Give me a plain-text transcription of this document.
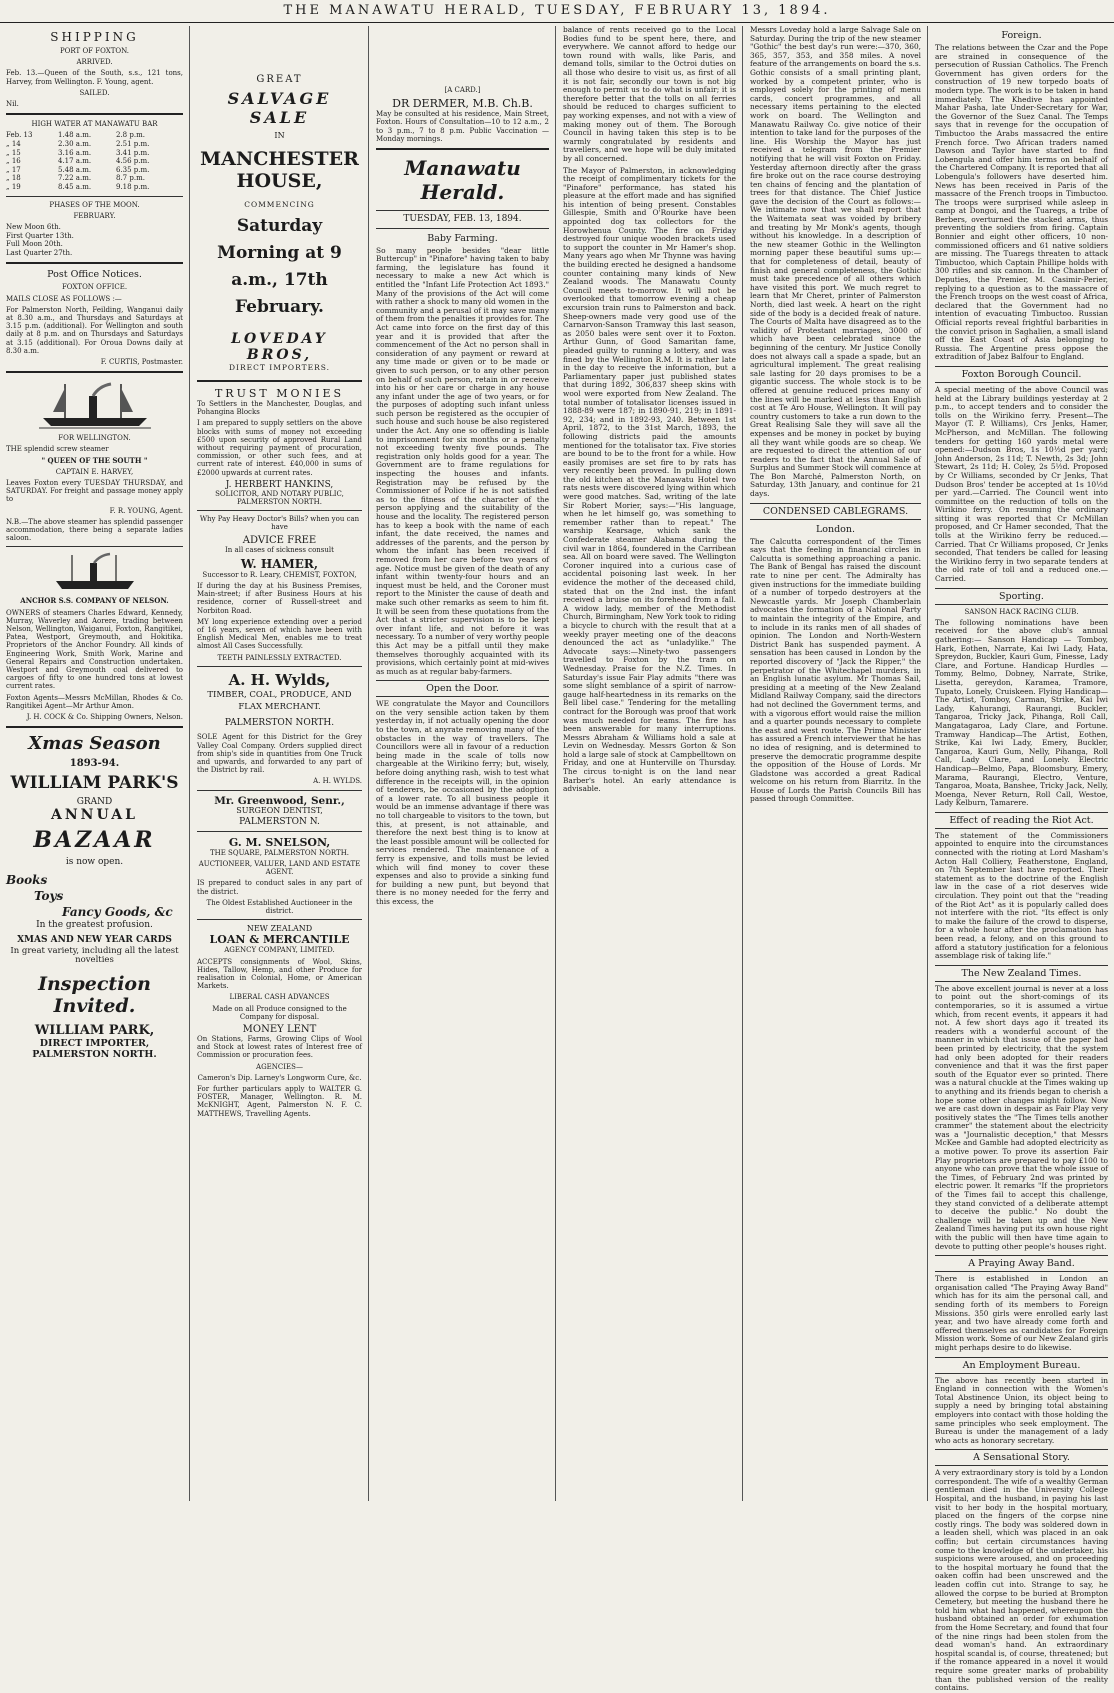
THE MANAWATU HERALD, TUESDAY, FEBRUARY 13, 1894.
SHIPPING

PORT OF FOXTON.

ARRIVED.

Feb. 13.—Queen of the South, s.s., 121 tons, Harvey, from Wellington. F. Young, agent.

SAILED.

Nil.

HIGH WATER AT MANAWATU BAR

Feb. 13	1.48 a.m.	2.8 p.m.
„ 14	2.30 a.m.	2.51 p.m.
„ 15	3.16 a.m.	3.41 p.m.
„ 16	4.17 a.m.	4.56 p.m.
„ 17	5.48 a.m.	6.35 p.m.
„ 18	7.22 a.m.	8.7 p.m.
„ 19	8.45 a.m.	9.18 p.m.

PHASES OF THE MOON.

FEBRUARY.

New Moon 6th.
First Quarter 13th.
Full Moon 20th.
Last Quarter 27th.
Post Office Notices.

FOXTON OFFICE.

MAILS CLOSE AS FOLLOWS :—

For Palmerston North, Feilding, Wanganui daily at 8.30 a.m., and Thursdays and Saturdays at 3.15 p.m. (additional). For Wellington and south daily at 8 p.m. and on Thursdays and Saturdays at 3.15 (additional). For Oroua Downs daily at 8.30 a.m.

F. CURTIS, Postmaster.

FOR WELLINGTON.

THE splendid screw steamer

" QUEEN OF THE SOUTH "

CAPTAIN E. HARVEY,

Leaves Foxton every TUESDAY THURSDAY, and SATURDAY. For freight and passage money apply to

F. R. YOUNG, Agent.

N.B.—The above steamer has splendid passenger accommodation, there being a separate ladies saloon.

ANCHOR S.S. COMPANY OF NELSON.

OWNERS of steamers Charles Edward, Kennedy, Murray, Waverley and Aorere, trading between Nelson, Wellington, Waiganui, Foxton, Rangitikei, Patea, Westport, Greymouth, and Hokitika. Proprietors of the Anchor Foundry. All kinds of Engineering Work, Smith Work, Marine and General Repairs and Construction undertaken. Westport and Greymouth coal delivered to cargoes of fifty to one hundred tons at lowest current rates.

Foxton Agents—Messrs McMillan, Rhodes & Co. Rangitikei Agent—Mr Arthur Amon.

J. H. COCK & Co. Shipping Owners, Nelson.

Xmas Season
1893-94.
WILLIAM PARK'S
GRAND
ANNUAL
BAZAAR
is now open.
Books
Toys
Fancy Goods, &c

In the greatest profusion.

XMAS AND NEW YEAR CARDS

In great variety, including all the latest novelties

Inspection Invited.
WILLIAM PARK,
DIRECT IMPORTER, PALMERSTON NORTH.
GREAT
SALVAGE SALE
IN
MANCHESTER HOUSE,
COMMENCING
Saturday Morning at 9 a.m., 17th February.
LOVEDAY BROS,
DIRECT IMPORTERS.
TRUST MONIES

To Settlers in the Manchester, Douglas, and Pohangina Blocks

I am prepared to supply settlers on the above blocks with sums of money not exceeding £500 upon security of approved Rural Land without requiring payment of procuration, commission, or other such fees, and at current rate of interest. £40,000 in sums of £2000 upwards at current rates.

J. HERBERT HANKINS,

SOLICITOR, AND NOTARY PUBLIC, PALMERSTON NORTH.

Why Pay Heavy Doctor's Bills? when you can have

ADVICE FREE

In all cases of sickness consult

W. HAMER,

Successor to R. Leary, CHEMIST, FOXTON,

If during the day at his Business Premises, Main-street; if after Business Hours at his residence, corner of Russell-street and Norbiton Road.

MY long experience extending over a period of 16 years, seven of which have been with English Medical Men, enables me to treat almost All Cases Successfully.

TEETH PAINLESSLY EXTRACTED.

A. H. Wylds,

TIMBER, COAL, PRODUCE, AND FLAX MERCHANT.

PALMERSTON NORTH.

SOLE Agent for this District for the Grey Valley Coal Company. Orders supplied direct from ship's side in quantities from One Truck and upwards, and forwarded to any part of the District by rail.

A. H. WYLDS.

Mr. Greenwood, Senr.,

SURGEON DENTIST,

PALMERSTON N.

G. M. SNELSON,

THE SQUARE, PALMERSTON NORTH.

AUCTIONEER, VALUER, LAND AND ESTATE AGENT.

IS prepared to conduct sales in any part of the district.

The Oldest Established Auctioneer in the district.

NEW ZEALAND
LOAN & MERCANTILE

AGENCY COMPANY, LIMITED.

ACCEPTS consignments of Wool, Skins, Hides, Tallow, Hemp, and other Produce for realisation in Colonial, Home, or American Markets.

LIBERAL CASH ADVANCES

Made on all Produce consigned to the Company for disposal.

MONEY LENT

On Stations, Farms, Growing Clips of Wool and Stock at lowest rates of Interest free of Commission or procuration fees.

AGENCIES—

Cameron's Dip. Larney's Longworm Cure, &c.

For further particulars apply to WALTER G. FOSTER, Manager, Wellington. R. M. McKNIGHT, Agent, Palmerston N. F. C. MATTHEWS, Travelling Agents.

[A CARD.]

DR DERMER, M.B. Ch.B.

May be consulted at his residence, Main Street, Foxton. Hours of Consultation—10 to 12 a.m., 2 to 3 p.m., 7 to 8 p.m. Public Vaccination — Monday mornings.

Manawatu Herald.

TUESDAY, FEB. 13, 1894.

Baby Farming.

So many people besides "dear little Buttercup" in "Pinafore" having taken to baby farming, the legislature has found it necessary to make a new Act which is entitled the "Infant Life Protection Act 1893." Many of the provisions of the Act will come with rather a shock to many old women in the community and a perusal of it may save many of them from the penalties it provides for. The Act came into force on the first day of this year and it is provided that after the commencement of the Act no person shall in consideration of any payment or reward at any time made or given or to be made or given to such person, or to any other person on behalf of such person, retain in or receive into his or her care or charge in any house any infant under the age of two years, or for the purposes of adopting such infant unless such person be registered as the occupier of such house and such house be also registered under the Act. Any one so offending is liable to imprisonment for six months or a penalty not exceeding twenty five pounds. The registration only holds good for a year. The Government are to frame regulations for inspecting the houses and infants. Registration may be refused by the Commissioner of Police if he is not satisfied as to the fitness of the character of the person applying and the suitability of the house and the locality. The registered person has to keep a book with the name of each infant, the date received, the names and addresses of the parents, and the person by whom the infant has been received if removed from her care before two years of age. Notice must be given of the death of any infant within twenty-four hours and an inquest must be held, and the Coroner must report to the Minister the cause of death and make such other remarks as seem to him fit. It will be seen from these quotations from the Act that a stricter supervision is to be kept over infant life, and not before it was necessary. To a number of very worthy people this Act may be a pitfall until they make themselves thoroughly acquainted with its provisions, which certainly point at mid-wives as much as at regular baby-farmers.

Open the Door.

WE congratulate the Mayor and Councillors on the very sensible action taken by them yesterday in, if not actually opening the door to the town, at anyrate removing many of the obstacles in the way of travellers. The Councillors were all in favour of a reduction being made in the scale of tolls now chargeable at the Wirikino ferry; but, wisely, before doing anything rash, wish to test what difference in the receipts will, in the opinion of tenderers, be occasioned by the adoption of a lower rate. To all business people it would be an immense advantage if there was no toll chargeable to visitors to the town, but this, at present, is not attainable, and therefore the next best thing is to know at the least possible amount will be collected for services rendered. The maintenance of a ferry is expensive, and tolls must be levied which will find money to cover these expenses and also to provide a sinking fund for building a new punt, but beyond that there is no money needed for the ferry and this excess, the

balance of rents received go to the Local Bodies fund to be spent here, there, and everywhere. We cannot afford to hedge our town round with walls, like Paris, and demand tolls, similar to the Octroi duties on all those who desire to visit us, as first of all it is not fair, secondly our town is not big enough to permit us to do what is unfair; it is therefore better that the tolls on all ferries should be reduced to charges sufficient to pay working expenses, and not with a view of making money out of them. The Borough Council in having taken this step is to be warmly congratulated by residents and travellers, and we hope will be duly imitated by all concerned.

The Mayor of Palmerston, in acknowledging the receipt of complimentary tickets for the "Pinafore" performance, has stated his pleasure at the effort made and has signified his intention of being present. Constables Gillespie, Smith and O'Rourke have been appointed dog tax collectors for the Horowhenua County. The fire on Friday destroyed four unique wooden brackets used to support the counter in Mr Hamer's shop. Many years ago when Mr Thynne was having the building erected he designed a handsome counter containing many kinds of New Zealand woods. The Manawatu County Council meets to-morrow. It will not be overlooked that tomorrow evening a cheap excursion train runs to Palmerston and back. Sheep-owners made very good use of the Carnarvon-Sanson Tramway this last season, as 2050 bales were sent over it to Foxton. Arthur Gunn, of Good Samaritan fame, pleaded guilty to running a lottery, and was fined by the Wellington R.M. It is rather late in the day to receive the information, but a Parliamentary paper just published states that during 1892, 306,837 sheep skins with wool were exported from New Zealand. The total number of totalisator licenses issued in 1888-89 were 187; in 1890-91, 219; in 1891-92, 234; and in 1892-93, 240. Between 1st April, 1872, to the 31st March, 1893, the following districts paid the amounts mentioned for the totalisator tax. Five stories are bound to be to the front for a while. How easily promises are set fire to by rats has very recently been proved. In pulling down the old kitchen at the Manawatu Hotel two rats nests were discovered lying within which were good matches. Sad, writing of the late Sir Robert Morier, says:—"His language, when he let himself go, was something to remember rather than to repeat." The warship Kearsage, which sank the Confederate steamer Alabama during the civil war in 1864, foundered in the Carribean sea. All on board were saved. The Wellington Coroner inquired into a curious case of accidental poisoning last week. In her evidence the mother of the deceased child, stated that on the 2nd inst. the infant received a bruise on its forehead from a fall. A widow lady, member of the Methodist Church, Birmingham, New York took to riding a bicycle to church with the result that at a weekly prayer meeting one of the deacons denounced the act as "unladylike." The Advocate says:—Ninety-two passengers travelled to Foxton by the tram on Wednesday. Praise for the N.Z. Times. In Saturday's issue Fair Play admits "there was some slight semblance of a spirit of narrow-gauge half-heartedness in its remarks on the Bell libel case." Tendering for the metalling contract for the Borough was proof that work was much needed for teams. The fire has been answerable for many interruptions. Messrs Abraham & Williams hold a sale at Levin on Wednesday. Messrs Gorton & Son hold a large sale of stock at Campbelltown on Friday, and one at Hunterville on Thursday. The circus to-night is on the land near Barber's hotel. An early attendance is advisable.

Messrs Loveday hold a large Salvage Sale on Saturday. During the trip of the new steamer "Gothic" the best day's run were:—370, 360, 365, 357, 353, and 358 miles. A novel feature of the arrangements on board the s.s. Gothic consists of a small printing plant, worked by a competent printer, who is employed solely for the printing of menu cards, concert programmes, and all necessary items pertaining to the elected work on board. The Wellington and Manawatu Railway Co. give notice of their intention to take land for the purposes of the line. His Worship the Mayor has just received a telegram from the Premier notifying that he will visit Foxton on Friday. Yesterday afternoon directly after the grass fire broke out on the race course destroying ten chains of fencing and the plantation of trees for that distance. The Chief Justice gave the decision of the Court as follows:—We intimate now that we shall report that the Waitemata seat was voided by bribery and treating by Mr Monk's agents, though without his knowledge. In a description of the new steamer Gothic in the Wellington morning paper these beautiful sums up:—that for completeness of detail, beauty of finish and general completeness, the Gothic must take precedence of all others which have visited this port. We much regret to learn that Mr Cheret, printer of Palmerston North, died last week. A heart on the right side of the body is a decided freak of nature. The Courts of Malta have disagreed as to the validity of Protestant marriages, 3000 of which have been celebrated since the beginning of the century. Mr Justice Conolly does not always call a spade a spade, but an agricultural implement. The great realising sale lasting for 20 days promises to be a gigantic success. The whole stock is to be offered at genuine reduced prices many of the lines will be marked at less than English cost at Te Aro House, Wellington. It will pay country customers to take a run down to the Great Realising Sale they will save all the expenses and be money in pocket by buying all they want while goods are so cheap. We are requested to direct the attention of our readers to the fact that the Annual Sale of Surplus and Summer Stock will commence at The Bon Marché, Palmerston North, on Saturday, 13th January, and continue for 21 days.

CONDENSED CABLEGRAMS.
London.

The Calcutta correspondent of the Times says that the feeling in financial circles in Calcutta is something approaching a panic. The Bank of Bengal has raised the discount rate to nine per cent. The Admiralty has given instructions for the immediate building of a number of torpedo destroyers at the Newcastle yards. Mr Joseph Chamberlain advocates the formation of a National Party to maintain the integrity of the Empire, and to include in its ranks men of all shades of opinion. The London and North-Western District Bank has suspended payment. A sensation has been caused in London by the reported discovery of "Jack the Ripper," the perpetrator of the Whitechapel murders, in an English lunatic asylum. Mr Thomas Sail, presiding at a meeting of the New Zealand Midland Railway Company, said the directors had not declined the Government terms, and with a vigorous effort would raise the million and a quarter pounds necessary to complete the east and west route. The Prime Minister has assured a French interviewer that he has no idea of resigning, and is determined to preserve the democratic programme despite the opposition of the House of Lords. Mr Gladstone was accorded a great Radical welcome on his return from Biarritz. In the House of Lords the Parish Councils Bill has passed through Committee.

Foreign.

The relations between the Czar and the Pope are strained in consequence of the persecution of Russian Catholics. The French Government has given orders for the construction of 19 new torpedo boats of modern type. The work is to be taken in hand immediately. The Khedive has appointed Mahar Pasha, late Under-Secretary for War, the Governor of the Suez Canal. The Temps says that in revenge for the occupation of Timbuctoo the Arabs massacred the entire French force. Two African traders named Dawson and Taylor have started to find Lobengula and offer him terms on behalf of the Chartered Company. It is reported that all Lobengula's followers have deserted him. News has been received in Paris of the massacre of the French troops in Timbuctoo. The troops were surprised while asleep in camp at Dongoi, and the Tuaregs, a tribe of Berbers, overturned the stacked arms, thus preventing the soldiers from firing. Captain Bonnier and eight other officers, 10 non-commissioned officers and 61 native soldiers are missing. The Tuaregs threaten to attack Timbuctoo, which Captain Phillipe holds with 300 rifles and six cannon. In the Chamber of Deputies, the Premier, M. Casimir-Perier, replying to a question as to the massacre of the French troops on the west coast of Africa, declared that the Government had no intention of evacuating Timbuctoo. Russian Official reports reveal frightful barbarities in the convict prison in Saghalien, a small island off the East Coast of Asia belonging to Russia. The Argentine press oppose the extradition of Jabez Balfour to England.

Foxton Borough Council.

A special meeting of the above Council was held at the Library buildings yesterday at 2 p.m., to accept tenders and to consider the tolls on the Wirikino ferry. Present—The Mayor (T. P. Williams), Crs Jenks, Hamer, McPherson, and McMillan. The following tenders for getting 160 yards metal were opened:—Dudson Bros, 1s 10½d per yard; John Anderson, 2s 11d; T. Newth, 2s 3d; John Stewart, 2s 11d; H. Coley, 2s 5½d. Proposed by Cr Williams, seconded by Cr Jenks, That Dudson Bros' tender be accepted at 1s 10½d per yard.—Carried. The Council went into committee on the reduction of tolls on the Wirikino ferry. On resuming the ordinary sitting it was reported that Cr McMillan proposed, and Cr Hamer seconded, That the tolls at the Wirikino ferry be reduced.—Carried. That Cr Williams proposed, Cr Jenks seconded, That tenders be called for leasing the Wirikino ferry in two separate tenders at the old rate of toll and a reduced one.—Carried.

Sporting.

SANSON HACK RACING CLUB.

The following nominations have been received for the above club's annual gathering:— Sanson Handicap — Tomboy, Hark, Eothen, Narrate, Kai Iwi Lady, Hata, Spreydon, Buckler, Kauri Gum, Finesse, Lady Clare, and Fortune. Handicap Hurdles — Tommy, Belmo, Dobney, Narrate, Strike, Lisetta, gereydon, Karamea, Tramore, Tupato, Lonely, Cruiskeen. Flying Handicap—The Artist, Tomboy, Carman, Strike, Kai Iwi Lady, Kahurangi, Raurangi, Buckler, Tangaroa, Tricky Jack, Pihanga, Roll Call, Mangatagaroa, Lady Clare, and Fortune. Tramway Handicap—The Artist, Eothen, Strike, Kai Iwi Lady, Emery, Buckler, Tangaroa, Kauri Gum, Nelly, Pihanga, Roll Call, Lady Clare, and Lonely. Electric Handicap—Belmo, Papa, Bloomsbury, Emery, Marama, Raurangi, Electro, Venture, Tangaroa, Moata, Banshee, Tricky Jack, Nelly, Moenga, Never Return, Roll Call, Westoe, Lady Kelburn, Tamarere.

Effect of reading the Riot Act.

The statement of the Commissioners appointed to enquire into the circumstances connected with the rioting at Lord Masham's Acton Hall Colliery, Featherstone, England, on 7th September last have reported. Their statement as to the doctrine of the English law in the case of a riot deserves wide circulation. They point out that the "reading of the Riot Act" as it is popularly called does not interfere with the riot. "Its effect is only to make the failure of the crowd to disperse, for a whole hour after the proclamation has been read, a felony, and on this ground to afford a statutory justification for a felonious assemblage risk of taking life."

The New Zealand Times.

The above excellent journal is never at a loss to point out the short-comings of its contemporaries, so it is assumed a virtue which, from recent events, it appears it had not. A few short days ago it treated its readers with a wonderful account of the manner in which that issue of the paper had been printed by electricity, that the system had only been adopted for their readers convenience and that it was the first paper south of the Equator ever so printed. There was a natural chuckle at the Times waking up to anything and its friends began to cherish a hope some other changes might follow. Now we are cast down in despair as Fair Play very positively states the "The Times tells another crammer" the statement about the electricity was a "Journalistic deception," that Messrs McKee and Gamble had adopted electricity as a motive power. To prove its assertion Fair Play proprietors are prepared to pay £100 to anyone who can prove that the whole issue of the Times, of February 2nd was printed by electric power. It remarks "If the proprietors of the Times fail to accept this challenge, they stand convicted of a deliberate attempt to deceive the public." No doubt the challenge will be taken up and the New Zealand Times having put its own house right with the public will then have time again to devote to putting other people's houses right.

A Praying Away Band.

There is established in London an organisation called "The Praying Away Band" which has for its aim the personal call, and sending forth of its members to Foreign Missions. 350 girls were enrolled early last year, and two have already come forth and offered themselves as candidates for Foreign Mission work. Some of our New Zealand girls might perhaps desire to do likewise.

An Employment Bureau.

The above has recently been started in England in connection with the Women's Total Abstinence Union, its object being to supply a need by bringing total abstaining employers into contact with those holding the same principles who seek employment. The Bureau is under the management of a lady who acts as honorary secretary.

A Sensational Story.

A very extraordinary story is told by a London correspondent. The wife of a wealthy German gentleman died in the University College Hospital, and the husband, in paying his last visit to her body in the hospital mortuary, placed on the fingers of the corpse nine costly rings. The body was soldered down in a leaden shell, which was placed in an oak coffin; but certain circumstances having come to the knowledge of the undertaker, his suspicions were aroused, and on proceeding to the hospital mortuary he found that the oaken coffin had been unscrewed and the leaden coffin cut into. Strange to say, he allowed the corpse to be buried at Brompton Cemetery, but meeting the husband there he told him what had happened, whereupon the husband obtained an order for exhumation from the Home Secretary, and found that four of the nine rings had been stolen from the dead woman's hand. An extraordinary hospital scandal is, of course, threatened; but if the romance appeared in a novel it would require some greater marks of probability than the published version of the reality contains.
